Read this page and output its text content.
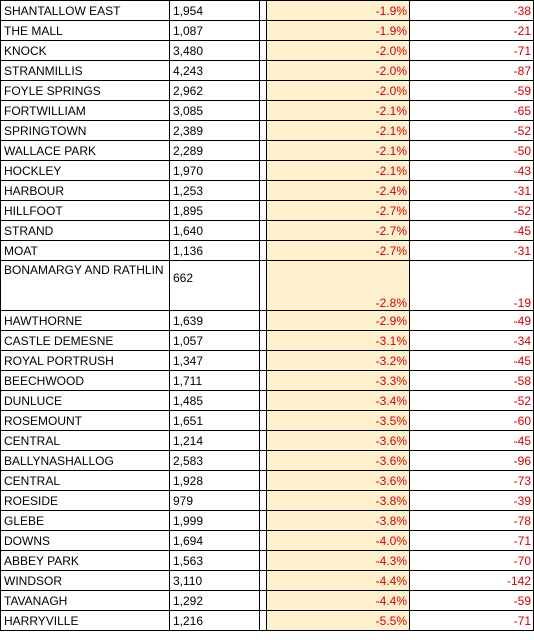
SHANTALLOW EAST	1,954		-1.9%	-38
THE MALL	1,087		-1.9%	-21
KNOCK	3,480		-2.0%	-71
STRANMILLIS	4,243		-2.0%	-87
FOYLE SPRINGS	2,962		-2.0%	-59
FORTWILLIAM	3,085		-2.1%	-65
SPRINGTOWN	2,389		-2.1%	-52
WALLACE PARK	2,289		-2.1%	-50
HOCKLEY	1,970		-2.1%	-43
HARBOUR	1,253		-2.4%	-31
HILLFOOT	1,895		-2.7%	-52
STRAND	1,640		-2.7%	-45
MOAT	1,136		-2.7%	-31
BONAMARGY AND RATHLIN	662		-2.8%	-19
HAWTHORNE	1,639		-2.9%	-49
CASTLE DEMESNE	1,057		-3.1%	-34
ROYAL PORTRUSH	1,347		-3.2%	-45
BEECHWOOD	1,711		-3.3%	-58
DUNLUCE	1,485		-3.4%	-52
ROSEMOUNT	1,651		-3.5%	-60
CENTRAL	1,214		-3.6%	-45
BALLYNASHALLOG	2,583		-3.6%	-96
CENTRAL	1,928		-3.6%	-73
ROESIDE	979		-3.8%	-39
GLEBE	1,999		-3.8%	-78
DOWNS	1,694		-4.0%	-71
ABBEY PARK	1,563		-4.3%	-70
WINDSOR	3,110		-4.4%	-142
TAVANAGH	1,292		-4.4%	-59
HARRYVILLE	1,216		-5.5%	-71
